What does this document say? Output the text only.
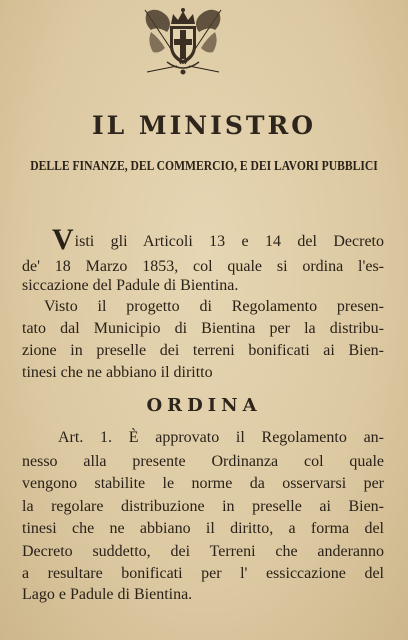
IL MINISTRO
DELLE FINANZE, DEL COMMERCIO, E DEI LAVORI PUBBLICI
Visti gli Articoli 13 e 14 del Decreto
de' 18 Marzo 1853, col quale si ordina l'es-
siccazione del Padule di Bientina.
Visto il progetto di Regolamento presen-
tato dal Municipio di Bientina per la distribu-
zione in preselle dei terreni bonificati ai Bien-
tinesi che ne abbiano il diritto
ORDINA
Art. 1. È approvato il Regolamento an-
nesso alla presente Ordinanza col quale
vengono stabilite le norme da osservarsi per
la regolare distribuzione in preselle ai Bien-
tinesi che ne abbiano il diritto, a forma del
Decreto suddetto, dei Terreni che anderanno
a resultare bonificati per l' essiccazione del
Lago e Padule di Bientina.
